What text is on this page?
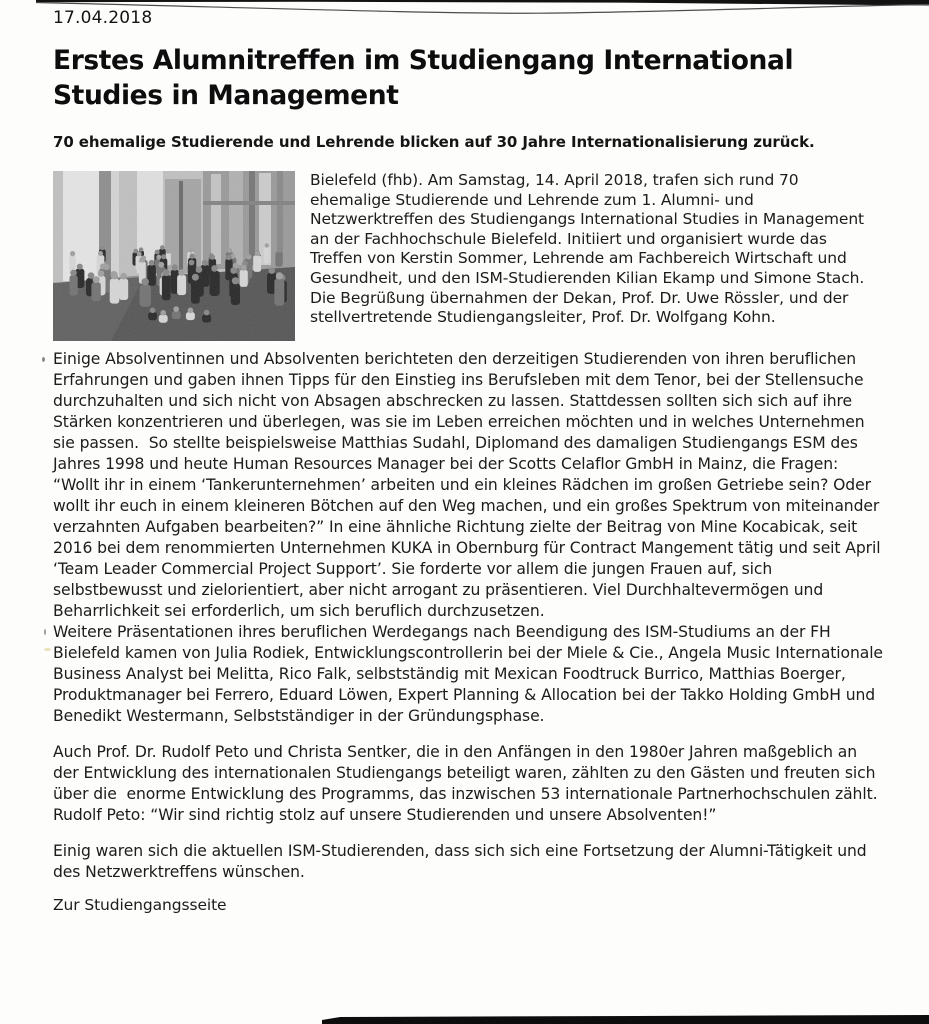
17.04.2018
Erstes Alumnitreffen im Studiengang International Studies in Management

70 ehemalige Studierende und Lehrende blicken auf 30 Jahre Internationalisierung zurück.

Bielefeld (fhb). Am Samstag, 14. April 2018, trafen sich rund 70 ehemalige Studierende und Lehrende zum 1. Alumni- und Netzwerktreffen des Studiengangs International Studies in Management an der Fachhochschule Bielefeld. Initiiert und organisiert wurde das Treffen von Kerstin Sommer, Lehrende am Fachbereich Wirtschaft und Gesundheit, und den ISM-Studierenden Kilian Ekamp und Simone Stach. Die Begrüßung übernahmen der Dekan, Prof. Dr. Uwe Rössler, und der stellvertretende Studiengangsleiter, Prof. Dr. Wolfgang Kohn.

Einige Absolventinnen und Absolventen berichteten den derzeitigen Studierenden von ihren beruflichen Erfahrungen und gaben ihnen Tipps für den Einstieg ins Berufsleben mit dem Tenor, bei der Stellensuche durchzuhalten und sich nicht von Absagen abschrecken zu lassen. Stattdessen sollten sich sich auf ihre Stärken konzentrieren und überlegen, was sie im Leben erreichen möchten und in welches Unternehmen sie passen.  So stellte beispielsweise Matthias Sudahl, Diplomand des damaligen Studiengangs ESM des Jahres 1998 und heute Human Resources Manager bei der Scotts Celaflor GmbH in Mainz, die Fragen: “Wollt ihr in einem ‘Tankerunternehmen’ arbeiten und ein kleines Rädchen im großen Getriebe sein? Oder wollt ihr euch in einem kleineren Bötchen auf den Weg machen, und ein großes Spektrum von miteinander verzahnten Aufgaben bearbeiten?” In eine ähnliche Richtung zielte der Beitrag von Mine Kocabicak, seit 2016 bei dem renommierten Unternehmen KUKA in Obernburg für Contract Mangement tätig und seit April ‘Team Leader Commercial Project Support’. Sie forderte vor allem die jungen Frauen auf, sich selbstbewusst und zielorientiert, aber nicht arrogant zu präsentieren. Viel Durchhaltevermögen und Beharrlichkeit sei erforderlich, um sich beruflich durchzusetzen.

Weitere Präsentationen ihres beruflichen Werdegangs nach Beendigung des ISM-Studiums an der FH Bielefeld kamen von Julia Rodiek, Entwicklungscontrollerin bei der Miele & Cie., Angela Music Internationale Business Analyst bei Melitta, Rico Falk, selbstständig mit Mexican Foodtruck Burrico, Matthias Boerger, Produktmanager bei Ferrero, Eduard Löwen, Expert Planning & Allocation bei der Takko Holding GmbH und Benedikt Westermann, Selbstständiger in der Gründungsphase.

Auch Prof. Dr. Rudolf Peto und Christa Sentker, die in den Anfängen in den 1980er Jahren maßgeblich an der Entwicklung des internationalen Studiengangs beteiligt waren, zählten zu den Gästen und freuten sich über die  enorme Entwicklung des Programms, das inzwischen 53 internationale Partnerhochschulen zählt. Rudolf Peto: “Wir sind richtig stolz auf unsere Studierenden und unsere Absolventen!”

Einig waren sich die aktuellen ISM-Studierenden, dass sich sich eine Fortsetzung der Alumni-Tätigkeit und des Netzwerktreffens wünschen.

Zur Studiengangsseite
